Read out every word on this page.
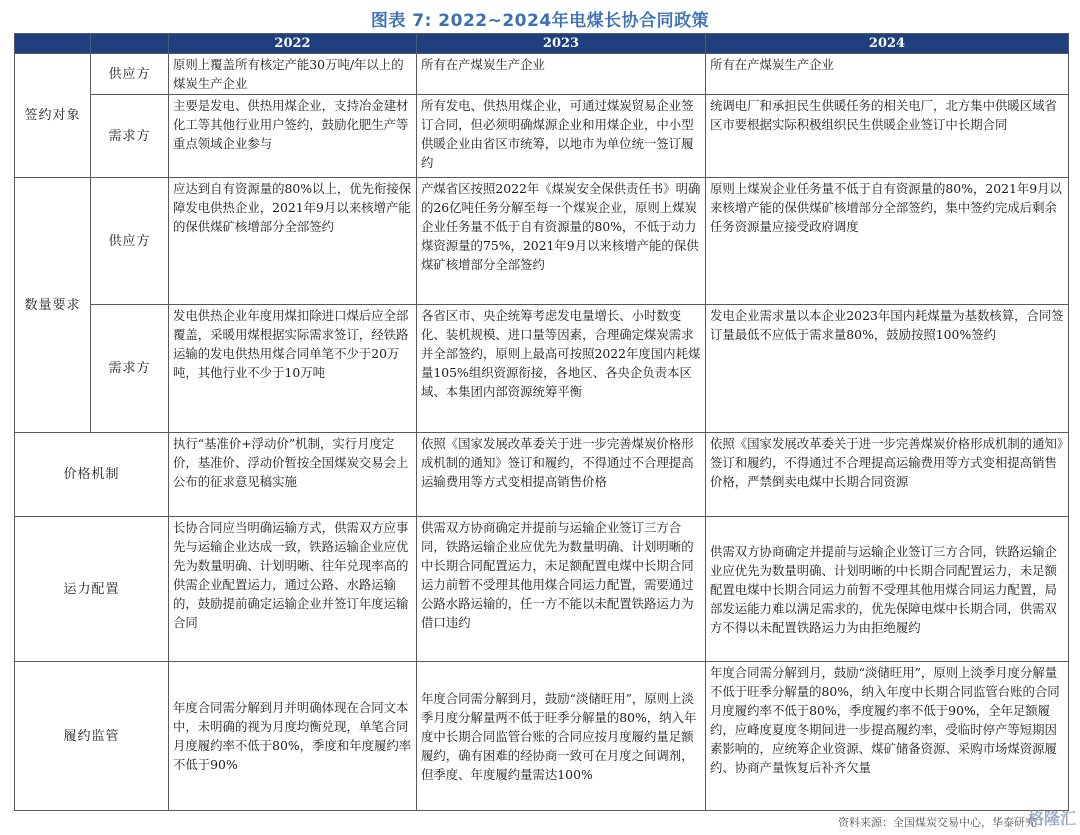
图表 7: 2022~2024年电煤长协合同政策
		2022	2023	2024
签约对象	供应方	原则上覆盖所有核定产能30万吨/年以上的煤炭生产企业	所有在产煤炭生产企业	所有在产煤炭生产企业
	需求方	主要是发电、供热用煤企业，支持冶金建材化工等其他行业用户签约，鼓励化肥生产等重点领域企业参与	所有发电、供热用煤企业，可通过煤炭贸易企业签订合同，但必须明确煤源企业和用煤企业，中小型供暖企业由省区市统筹，以地市为单位统一签订履约	统调电厂和承担民生供暖任务的相关电厂，北方集中供暖区域省区市要根据实际积极组织民生供暖企业签订中长期合同
数量要求	供应方	应达到自有资源量的80%以上，优先衔接保障发电供热企业，2021年9月以来核增产能的保供煤矿核增部分全部签约	产煤省区按照2022年《煤炭安全保供责任书》明确的26亿吨任务分解至每一个煤炭企业，原则上煤炭企业任务量不低于自有资源量的80%，不低于动力煤资源量的75%，2021年9月以来核增产能的保供煤矿核增部分全部签约	原则上煤炭企业任务量不低于自有资源量的80%，2021年9月以来核增产能的保供煤矿核增部分全部签约，集中签约完成后剩余任务资源量应接受政府调度
	需求方	发电供热企业年度用煤扣除进口煤后应全部覆盖，采暖用煤根据实际需求签订，经铁路运输的发电供热用煤合同单笔不少于20万吨，其他行业不少于10万吨	各省区市、央企统筹考虑发电量增长、小时数变化、装机规模、进口量等因素，合理确定煤炭需求并全部签约，原则上最高可按照2022年度国内耗煤量105%组织资源衔接，各地区、各央企负责本区域、本集团内部资源统筹平衡	发电企业需求量以本企业2023年国内耗煤量为基数核算，合同签订量最低不应低于需求量80%，鼓励按照100%签约
价格机制		执行“基准价+浮动价”机制，实行月度定价，基准价、浮动价暂按全国煤炭交易会上公布的征求意见稿实施	依照《国家发展改革委关于进一步完善煤炭价格形成机制的通知》签订和履约，不得通过不合理提高运输费用等方式变相提高销售价格	依照《国家发展改革委关于进一步完善煤炭价格形成机制的通知》签订和履约，不得通过不合理提高运输费用等方式变相提高销售价格，严禁倒卖电煤中长期合同资源
运力配置		长协合同应当明确运输方式，供需双方应事先与运输企业达成一致，铁路运输企业应优先为数量明确、计划明晰、往年兑现率高的供需企业配置运力，通过公路、水路运输的，鼓励提前确定运输企业并签订年度运输合同	供需双方协商确定并提前与运输企业签订三方合同，铁路运输企业应优先为数量明确、计划明晰的中长期合同配置运力，未足额配置电煤中长期合同运力前暂不受理其他用煤合同运力配置，需要通过公路水路运输的，任一方不能以未配置铁路运力为借口违约	供需双方协商确定并提前与运输企业签订三方合同，铁路运输企业应优先为数量明确、计划明晰的中长期合同配置运力，未足额配置电煤中长期合同运力前暂不受理其他用煤合同运力配置，局部发运能力难以满足需求的，优先保障电煤中长期合同，供需双方不得以未配置铁路运力为由拒绝履约
履约监管		年度合同需分解到月并明确体现在合同文本中，未明确的视为月度均衡兑现，单笔合同月度履约率不低于80%，季度和年度履约率不低于90%	年度合同需分解到月，鼓励“淡储旺用”，原则上淡季月度分解量两不低于旺季分解量的80%，纳入年度中长期合同监管台账的合同应按月度履约量足额履约，确有困难的经协商一致可在月度之间调剂，但季度、年度履约量需达100%	年度合同需分解到月，鼓励“淡储旺用”，原则上淡季月度分解量不低于旺季分解量的80%，纳入年度中长期合同监管台账的合同月度履约率不低于80%，季度履约率不低于90%，全年足额履约，应峰度夏度冬期间进一步提高履约率，受临时停产等短期因素影响的，应统筹企业资源、煤矿储备资源、采购市场煤资源履约、协商产量恢复后补齐欠量
资料来源：全国煤炭交易中心，华泰研究
格隆汇
